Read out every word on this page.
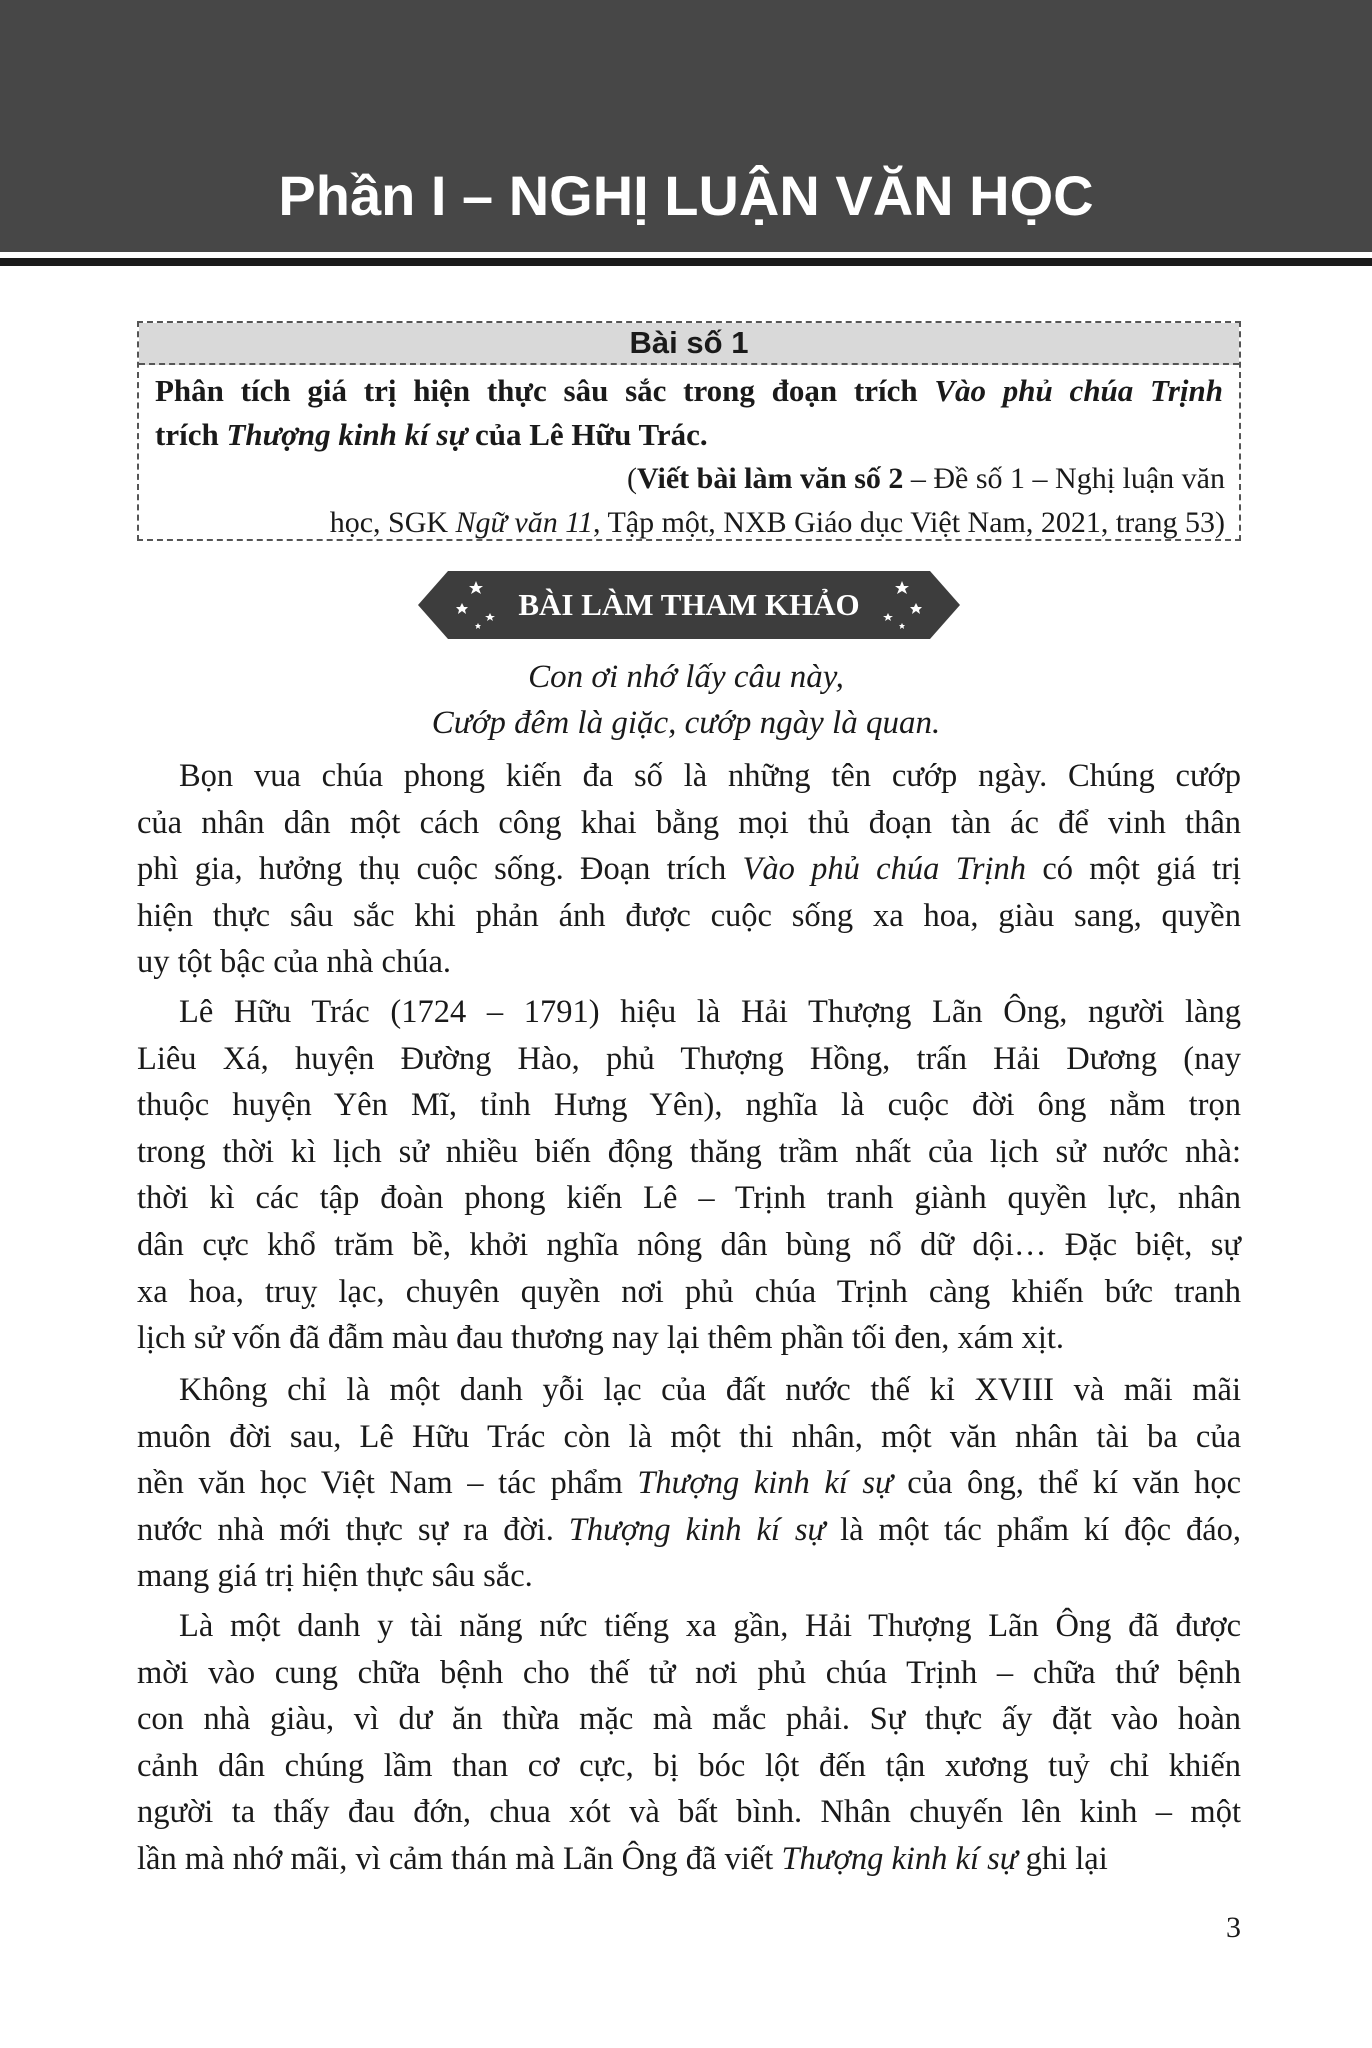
Phần I – NGHỊ LUẬN VĂN HỌC
Bài số 1
Phân tích giá trị hiện thực sâu sắc trong đoạn trích Vào phủ chúa Trịnh
trích Thượng kinh kí sự của Lê Hữu Trác.
(Viết bài làm văn số 2 – Đề số 1 – Nghị luận văn
học, SGK Ngữ văn 11, Tập một, NXB Giáo dục Việt Nam, 2021, trang 53)
BÀI LÀM THAM KHẢO
Con ơi nhớ lấy câu này,
Cướp đêm là giặc, cướp ngày là quan.
Bọn vua chúa phong kiến đa số là những tên cướp ngày. Chúng cướp
của nhân dân một cách công khai bằng mọi thủ đoạn tàn ác để vinh thân
phì gia, hưởng thụ cuộc sống. Đoạn trích Vào phủ chúa Trịnh có một giá trị
hiện thực sâu sắc khi phản ánh được cuộc sống xa hoa, giàu sang, quyền
uy tột bậc của nhà chúa.
Lê Hữu Trác (1724 – 1791) hiệu là Hải Thượng Lãn Ông, người làng
Liêu Xá, huyện Đường Hào, phủ Thượng Hồng, trấn Hải Dương (nay
thuộc huyện Yên Mĩ, tỉnh Hưng Yên), nghĩa là cuộc đời ông nằm trọn
trong thời kì lịch sử nhiều biến động thăng trầm nhất của lịch sử nước nhà:
thời kì các tập đoàn phong kiến Lê – Trịnh tranh giành quyền lực, nhân
dân cực khổ trăm bề, khởi nghĩa nông dân bùng nổ dữ dội… Đặc biệt, sự
xa hoa, truỵ lạc, chuyên quyền nơi phủ chúa Trịnh càng khiến bức tranh
lịch sử vốn đã đẫm màu đau thương nay lại thêm phần tối đen, xám xịt.
Không chỉ là một danh yỗi lạc của đất nước thế kỉ XVIII và mãi mãi
muôn đời sau, Lê Hữu Trác còn là một thi nhân, một văn nhân tài ba của
nền văn học Việt Nam – tác phẩm Thượng kinh kí sự của ông, thể kí văn học
nước nhà mới thực sự ra đời. Thượng kinh kí sự là một tác phẩm kí độc đáo,
mang giá trị hiện thực sâu sắc.
Là một danh y tài năng nức tiếng xa gần, Hải Thượng Lãn Ông đã được
mời vào cung chữa bệnh cho thế tử nơi phủ chúa Trịnh – chữa thứ bệnh
con nhà giàu, vì dư ăn thừa mặc mà mắc phải. Sự thực ấy đặt vào hoàn
cảnh dân chúng lầm than cơ cực, bị bóc lột đến tận xương tuỷ chỉ khiến
người ta thấy đau đớn, chua xót và bất bình. Nhân chuyến lên kinh – một
lần mà nhớ mãi, vì cảm thán mà Lãn Ông đã viết Thượng kinh kí sự ghi lại
3
